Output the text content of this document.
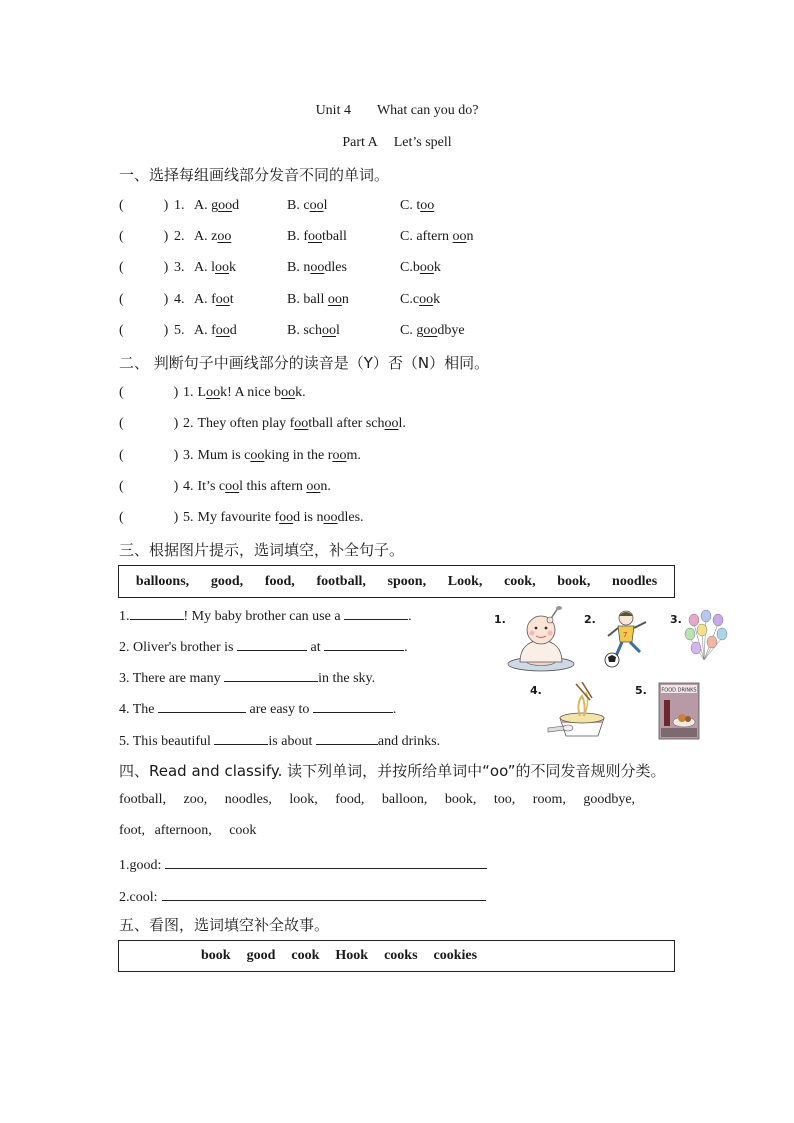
Unit 4 What can you do?
Part A Let’s spell
一、选择每组画线部分发音不同的单词。
(	) 1. A. good	B. cool	C. too
(	) 2. A. zoo	B. football	C. aftern oon
(	) 3. A. look	B. noodles	C.book
(	) 4. A. foot	B. ball oon	C.cook
(	) 5. A. food	B. school	C. goodbye
二、 判断句子中画线部分的读音是（Y）否（N）相同。
(	) 1. Look! A nice book.
(	) 2. They often play football after school.
(	) 3. Mum is cooking in the room.
(	) 4. It’s cool this aftern oon.
(	) 5. My favourite food is noodles.
三、根据图片提示，选词填空，补全句子。
balloons, good, food, football, spoon, Look, cook, book, noodles
1.	! My baby brother can use a	.
2. Oliver's brother is	at	.
3. There are many	in the sky.
4. The	are easy to	.
5. This beautiful	is about	and drinks.
1.	2.	3.
4.	5.
7
FOOD DRINKS
四、Read and classify. 读下列单词，并按所给单词中“oo”的不同发音规则分类。
football, zoo, noodles, look, food, balloon, book, too, room, goodbye,
foot, afternoon, cook
1.good:
2.cool:
五、看图，选词填空补全故事。
book good cook Hook cooks cookies
